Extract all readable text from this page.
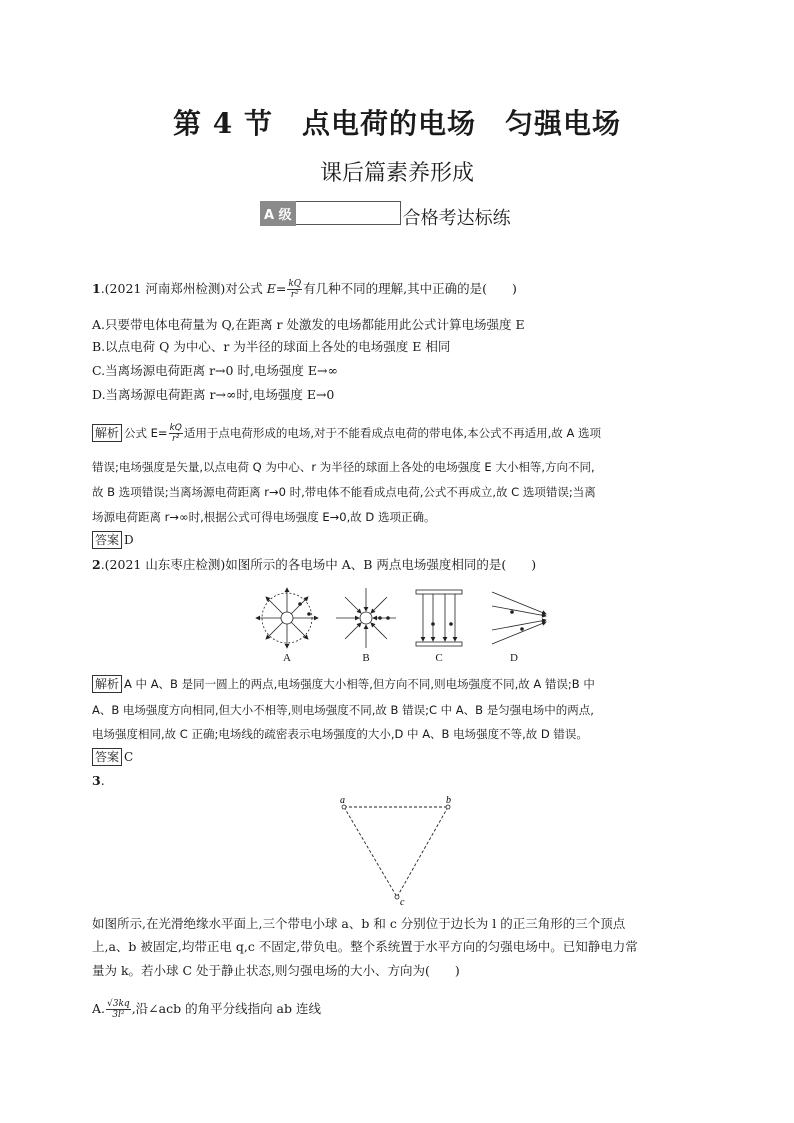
第 4 节　点电荷的电场　匀强电场
课后篇素养形成
A 级	合格考达标练
1.(2021 河南郑州检测)对公式 $E= \frac{kQ}{\text{r²}}$ 有几种不同的理解,其中正确的是(　　)
A.只要带电体电荷量为 Q,在距离 r 处激发的电场都能用此公式计算电场强度 E
B.以点电荷 Q 为中心、r 为半径的球面上各处的电场强度 E 相同
C.当离场源电荷距离 r→0 时,电场强度 E→∞
D.当离场源电荷距离 r→∞时,电场强度 E→0
解析 公式 $E= \frac{kQ}{\text{r²}}$ 适用于点电荷形成的电场,对于不能看成点电荷的带电体,本公式不再适用,故 A 选项
错误;电场强度是矢量,以点电荷 Q 为中心、r 为半径的球面上各处的电场强度 E 大小相等,方向不同,
故 B 选项错误;当离场源电荷距离 r→0 时,带电体不能看成点电荷,公式不再成立,故 C 选项错误;当离
场源电荷距离 r→∞时,根据公式可得电场强度 E→0,故 D 选项正确。
答案 D
2.(2021 山东枣庄检测)如图所示的各电场中 A、B 两点电场强度相同的是(　　)
A	B	C	D
解析 A 中 A、B 是同一圆上的两点,电场强度大小相等,但方向不同,则电场强度不同,故 A 错误;B 中
A、B 电场强度方向相同,但大小不相等,则电场强度不同,故 B 错误;C 中 A、B 是匀强电场中的两点,
电场强度相同,故 C 正确;电场线的疏密表示电场强度的大小,D 中 A、B 电场强度不等,故 D 错误。
答案 C
3.
a	b
c
如图所示,在光滑绝缘水平面上,三个带电小球 a、b 和 c 分别位于边长为 l 的正三角形的三个顶点
上,a、b 被固定,均带正电 q,c 不固定,带负电。整个系统置于水平方向的匀强电场中。已知静电力常
量为 k。若小球 C 处于静止状态,则匀强电场的大小、方向为(　　)
A. $\frac{√3kq}{\text{3l²}}$ ,沿∠acb 的角平分线指向 ab 连线
